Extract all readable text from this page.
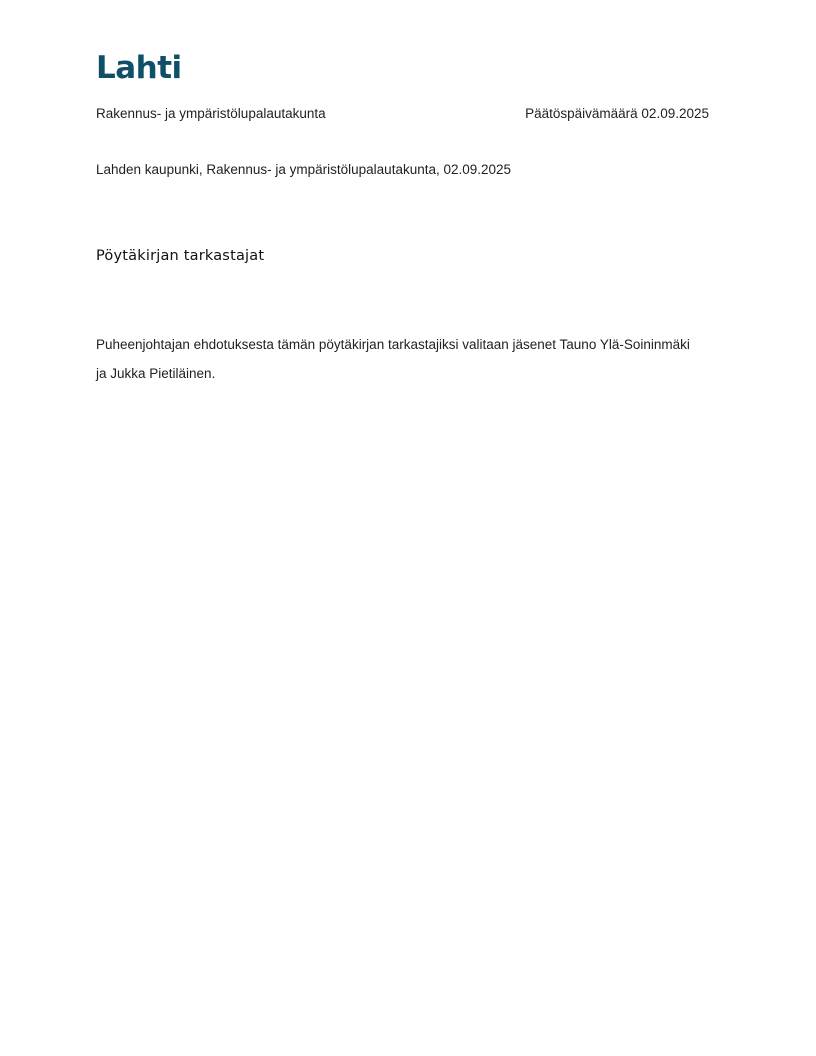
Lahti
Rakennus- ja ympäristölupalautakunta	Päätöspäivämäärä 02.09.2025
Lahden kaupunki, Rakennus- ja ympäristölupalautakunta, 02.09.2025
Pöytäkirjan tarkastajat
Puheenjohtajan ehdotuksesta tämän pöytäkirjan tarkastajiksi valitaan jäsenet Tauno Ylä-Soininmäki ja Jukka Pietiläinen.
